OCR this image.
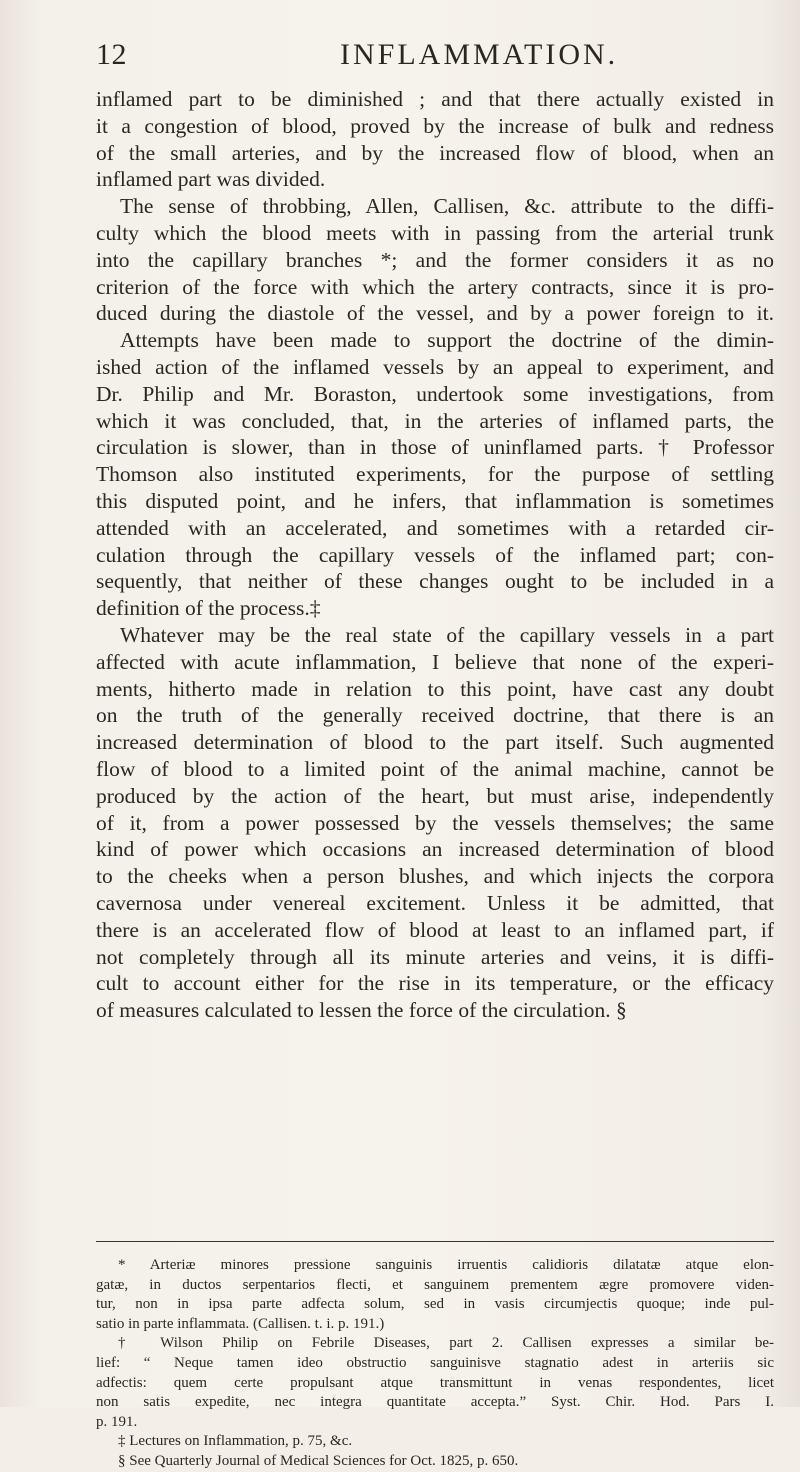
12	INFLAMMATION.
inflamed part to be diminished ; and that there actually existed in
it a congestion of blood, proved by the increase of bulk and redness
of the small arteries, and by the increased flow of blood, when an
inflamed part was divided.
The sense of throbbing, Allen, Callisen, &c. attribute to the diffi-
culty which the blood meets with in passing from the arterial trunk
into the capillary branches *; and the former considers it as no
criterion of the force with which the artery contracts, since it is pro-
duced during the diastole of the vessel, and by a power foreign to it.
Attempts have been made to support the doctrine of the dimin-
ished action of the inflamed vessels by an appeal to experiment, and
Dr. Philip and Mr. Boraston, undertook some investigations, from
which it was concluded, that, in the arteries of inflamed parts, the
circulation is slower, than in those of uninflamed parts. † Professor
Thomson also instituted experiments, for the purpose of settling
this disputed point, and he infers, that inflammation is sometimes
attended with an accelerated, and sometimes with a retarded cir-
culation through the capillary vessels of the inflamed part; con-
sequently, that neither of these changes ought to be included in a
definition of the process.‡
Whatever may be the real state of the capillary vessels in a part
affected with acute inflammation, I believe that none of the experi-
ments, hitherto made in relation to this point, have cast any doubt
on the truth of the generally received doctrine, that there is an
increased determination of blood to the part itself. Such augmented
flow of blood to a limited point of the animal machine, cannot be
produced by the action of the heart, but must arise, independently
of it, from a power possessed by the vessels themselves; the same
kind of power which occasions an increased determination of blood
to the cheeks when a person blushes, and which injects the corpora
cavernosa under venereal excitement. Unless it be admitted, that
there is an accelerated flow of blood at least to an inflamed part, if
not completely through all its minute arteries and veins, it is diffi-
cult to account either for the rise in its temperature, or the efficacy
of measures calculated to lessen the force of the circulation. §
* Arteriæ minores pressione sanguinis irruentis calidioris dilatatæ atque elon-
gatæ, in ductos serpentarios flecti, et sanguinem prementem ægre promovere viden-
tur, non in ipsa parte adfecta solum, sed in vasis circumjectis quoque; inde pul-
satio in parte inflammata. (Callisen. t. i. p. 191.)
† Wilson Philip on Febrile Diseases, part 2. Callisen expresses a similar be-
lief: “ Neque tamen ideo obstructio sanguinisve stagnatio adest in arteriis sic
adfectis: quem certe propulsant atque transmittunt in venas respondentes, licet
non satis expedite, nec integra quantitate accepta.” Syst. Chir. Hod. Pars I.
p. 191.
‡ Lectures on Inflammation, p. 75, &c.
§ See Quarterly Journal of Medical Sciences for Oct. 1825, p. 650.
